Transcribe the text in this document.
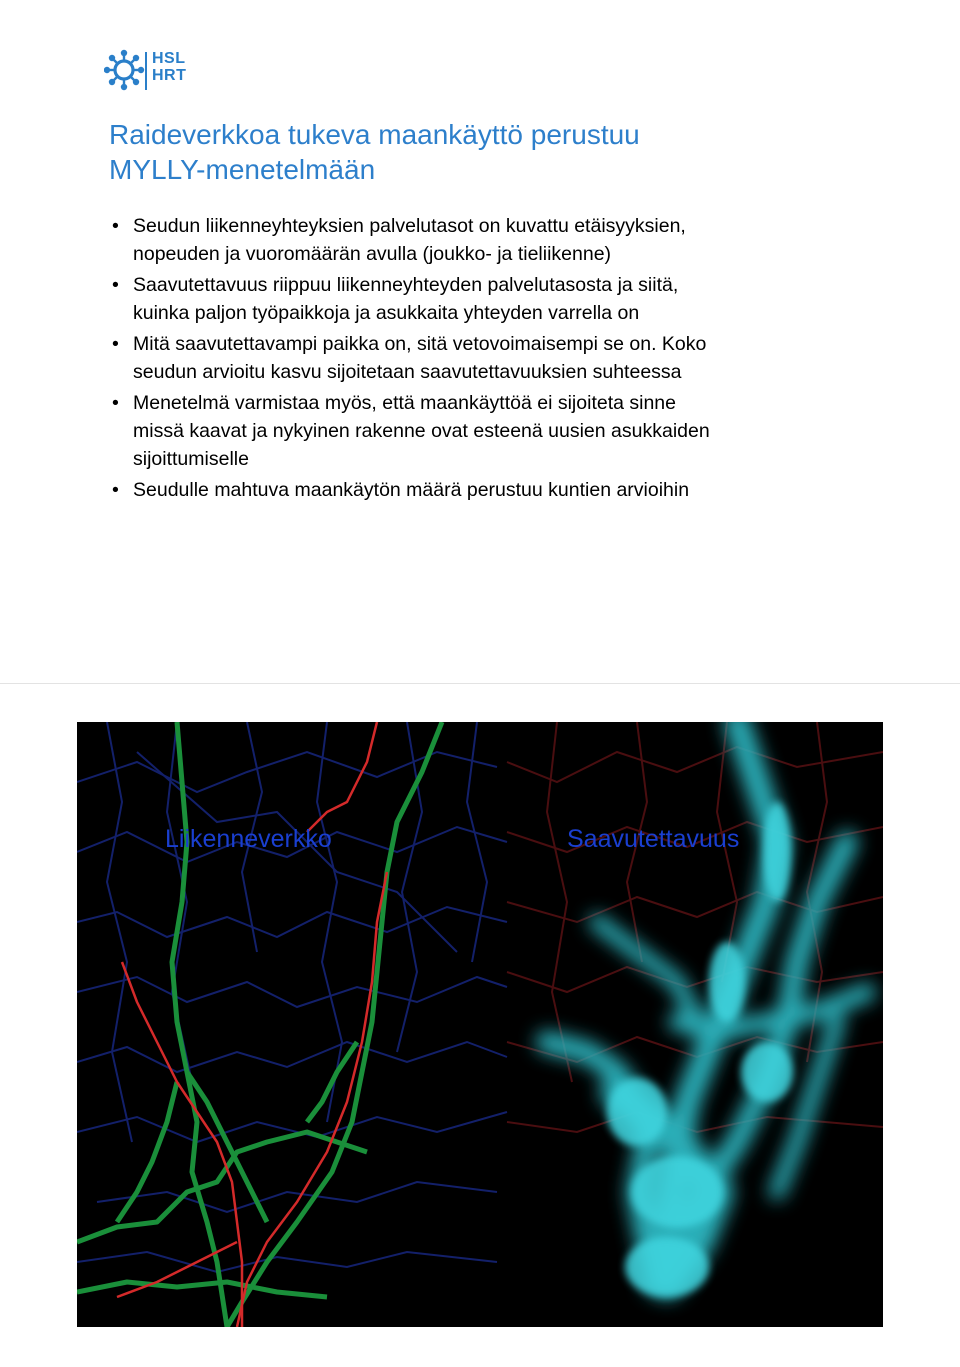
HSL
HRT
Raideverkkoa tukeva maankäyttö perustuu
MYLLY-menetelmään
• Seudun liikenneyhteyksien palvelutasot on kuvattu etäisyyksien,
nopeuden ja vuoromäärän avulla (joukko- ja tieliikenne)
• Saavutettavuus riippuu liikenneyhteyden palvelutasosta ja siitä,
kuinka paljon työpaikkoja ja asukkaita yhteyden varrella on
• Mitä saavutettavampi paikka on, sitä vetovoimaisempi se on. Koko
seudun arvioitu kasvu sijoitetaan saavutettavuuksien suhteessa
• Menetelmä varmistaa myös, että maankäyttöä ei sijoiteta sinne
missä kaavat ja nykyinen rakenne ovat esteenä uusien asukkaiden
sijoittumiselle
• Seudulle mahtuva maankäytön määrä perustuu kuntien arvioihin
Liikenneverkko	Saavutettavuus
